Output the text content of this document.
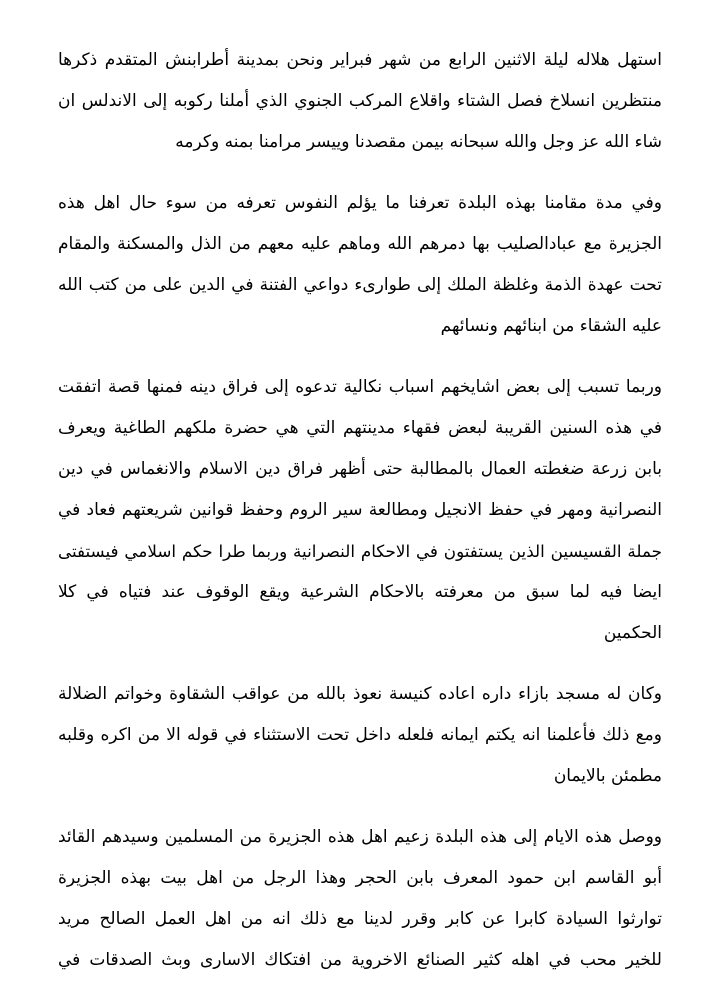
استهل هلاله ليلة الاثنين الرابع من شهر فبراير ونحن بمدينة أطرابنش المتقدم ذكرها
منتظرين انسلاخ فصل الشتاء واقلاع المركب الجنوي الذي أملنا ركوبه إلى الاندلس ان
شاء الله عز وجل والله سبحانه بيمن مقصدنا وييسر مرامنا بمنه وكرمه
وفي مدة مقامنا بهذه البلدة تعرفنا ما يؤلم النفوس تعرفه من سوء حال اهل هذه
الجزيرة مع عبادالصليب بها دمرهم الله وماهم عليه معهم من الذل والمسكنة والمقام
تحت عهدة الذمة وغلظة الملك إلى طوارىء دواعي الفتنة في الدين على من كتب الله
عليه الشقاء من ابنائهم ونسائهم
وربما تسبب إلى بعض اشايخهم اسباب نكالية تدعوه إلى فراق دينه فمنها قصة اتفقت
في هذه السنين القريبة لبعض فقهاء مدينتهم التي هي حضرة ملكهم الطاغية ويعرف
بابن زرعة ضغطته العمال بالمطالبة حتى أظهر فراق دين الاسلام والانغماس في دين
النصرانية ومهر في حفظ الانجيل ومطالعة سير الروم وحفظ قوانين شريعتهم فعاد في
جملة القسيسين الذين يستفتون في الاحكام النصرانية وربما طرا حكم اسلامي فيستفتى
ايضا فيه لما سبق من معرفته بالاحكام الشرعية ويقع الوقوف عند فتياه في كلا
الحكمين
وكان له مسجد بازاء داره اعاده كنيسة نعوذ بالله من عواقب الشقاوة وخواتم الضلالة
ومع ذلك فأعلمنا انه يكتم ايمانه فلعله داخل تحت الاستثناء في قوله الا من اكره وقلبه
مطمئن بالايمان
ووصل هذه الايام إلى هذه البلدة زعيم اهل هذه الجزيرة من المسلمين وسيدهم القائد
أبو القاسم ابن حمود المعرف بابن الحجر وهذا الرجل من اهل بيت بهذه الجزيرة
توارثوا السيادة كابرا عن كابر وقرر لدينا مع ذلك انه من اهل العمل الصالح مريد
للخير محب في اهله كثير الصنائع الاخروية من افتكاك الاسارى وبث الصدقات في
